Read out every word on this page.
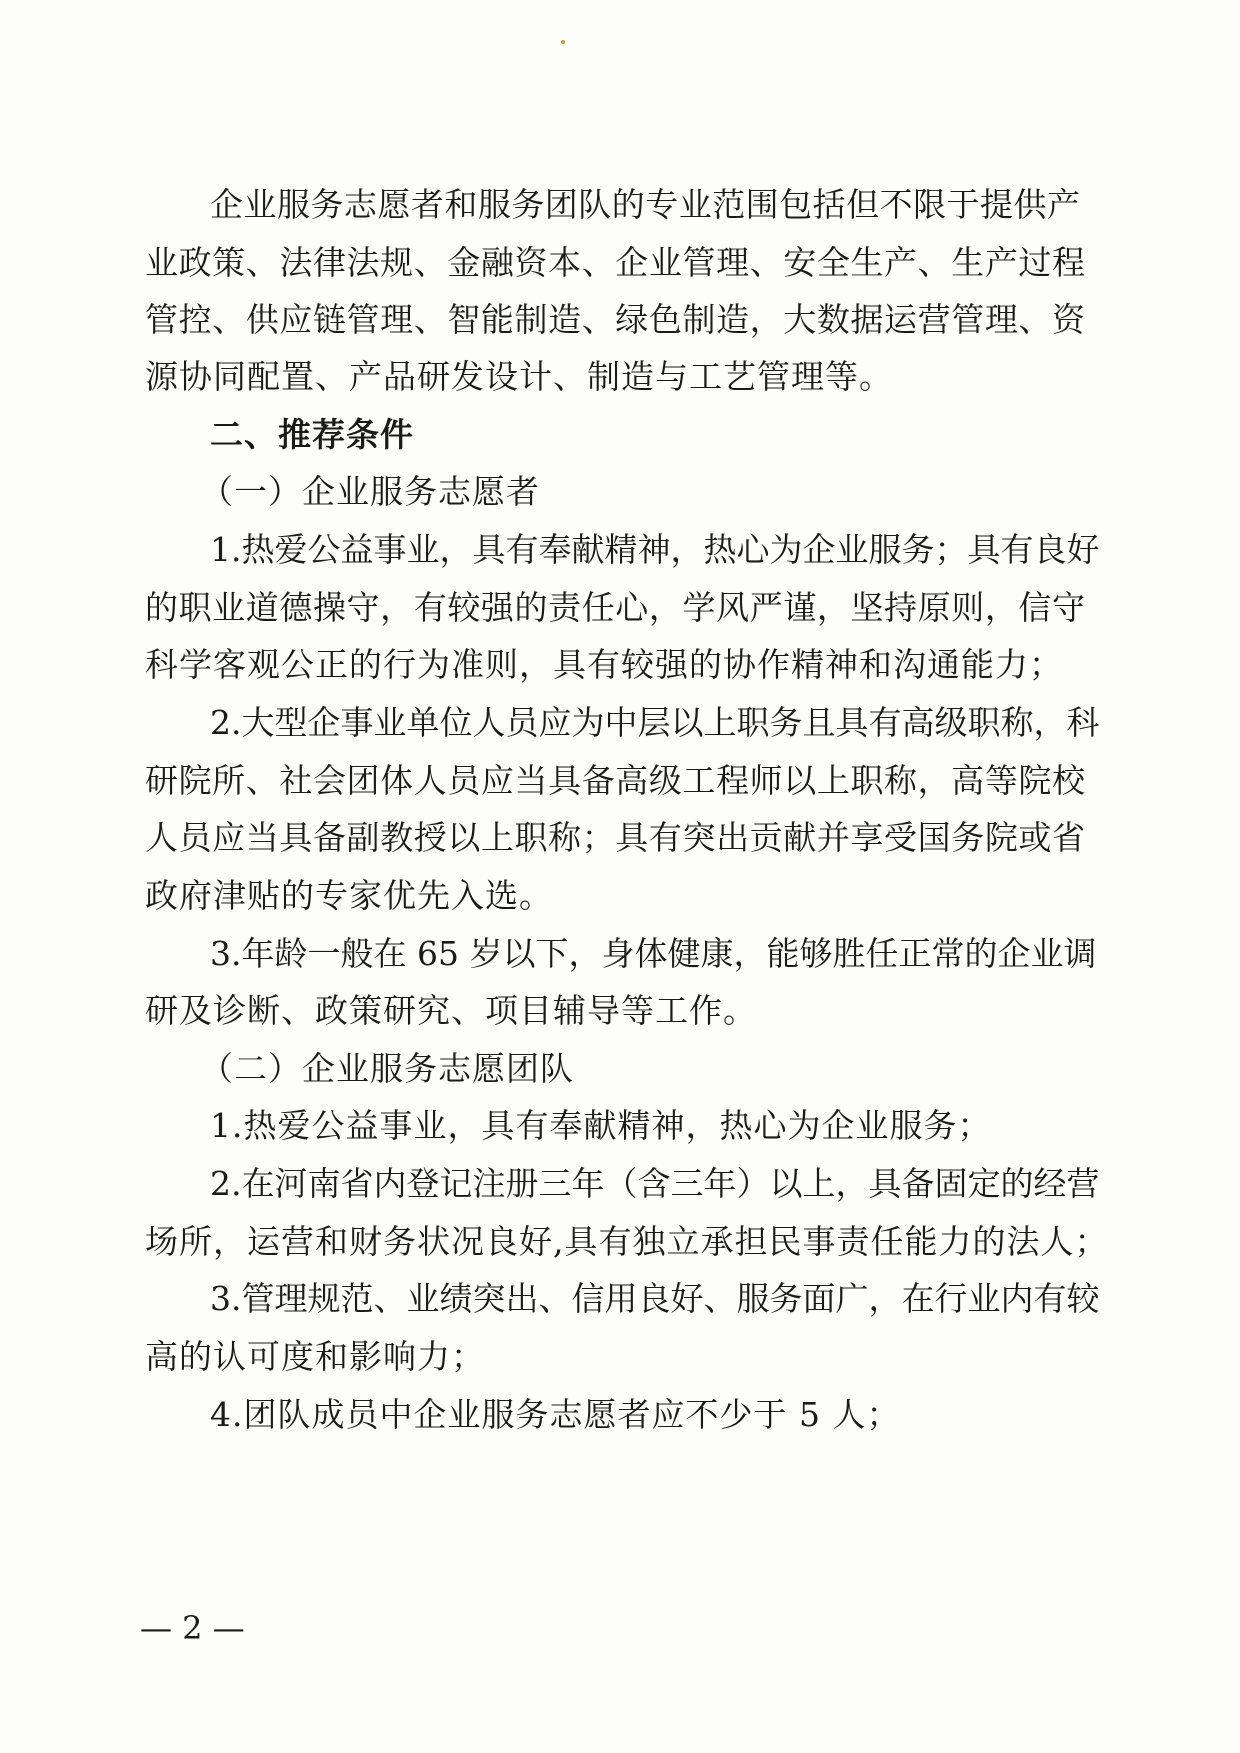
企业服务志愿者和服务团队的专业范围包括但不限于提供产
业政策、法律法规、金融资本、企业管理、安全生产、生产过程
管控、供应链管理、智能制造、绿色制造，大数据运营管理、资
源协同配置、产品研发设计、制造与工艺管理等。
二、推荐条件
（一）企业服务志愿者
1.热爱公益事业，具有奉献精神，热心为企业服务；具有良好
的职业道德操守，有较强的责任心，学风严谨，坚持原则，信守
科学客观公正的行为准则，具有较强的协作精神和沟通能力；
2.大型企事业单位人员应为中层以上职务且具有高级职称，科
研院所、社会团体人员应当具备高级工程师以上职称，高等院校
人员应当具备副教授以上职称；具有突出贡献并享受国务院或省
政府津贴的专家优先入选。
3.年龄一般在 65 岁以下，身体健康，能够胜任正常的企业调
研及诊断、政策研究、项目辅导等工作。
（二）企业服务志愿团队
1.热爱公益事业，具有奉献精神，热心为企业服务；
2.在河南省内登记注册三年（含三年）以上，具备固定的经营
场所，运营和财务状况良好,具有独立承担民事责任能力的法人；
3.管理规范、业绩突出、信用良好、服务面广，在行业内有较
高的认可度和影响力；
4.团队成员中企业服务志愿者应不少于 5 人；
— 2 —
